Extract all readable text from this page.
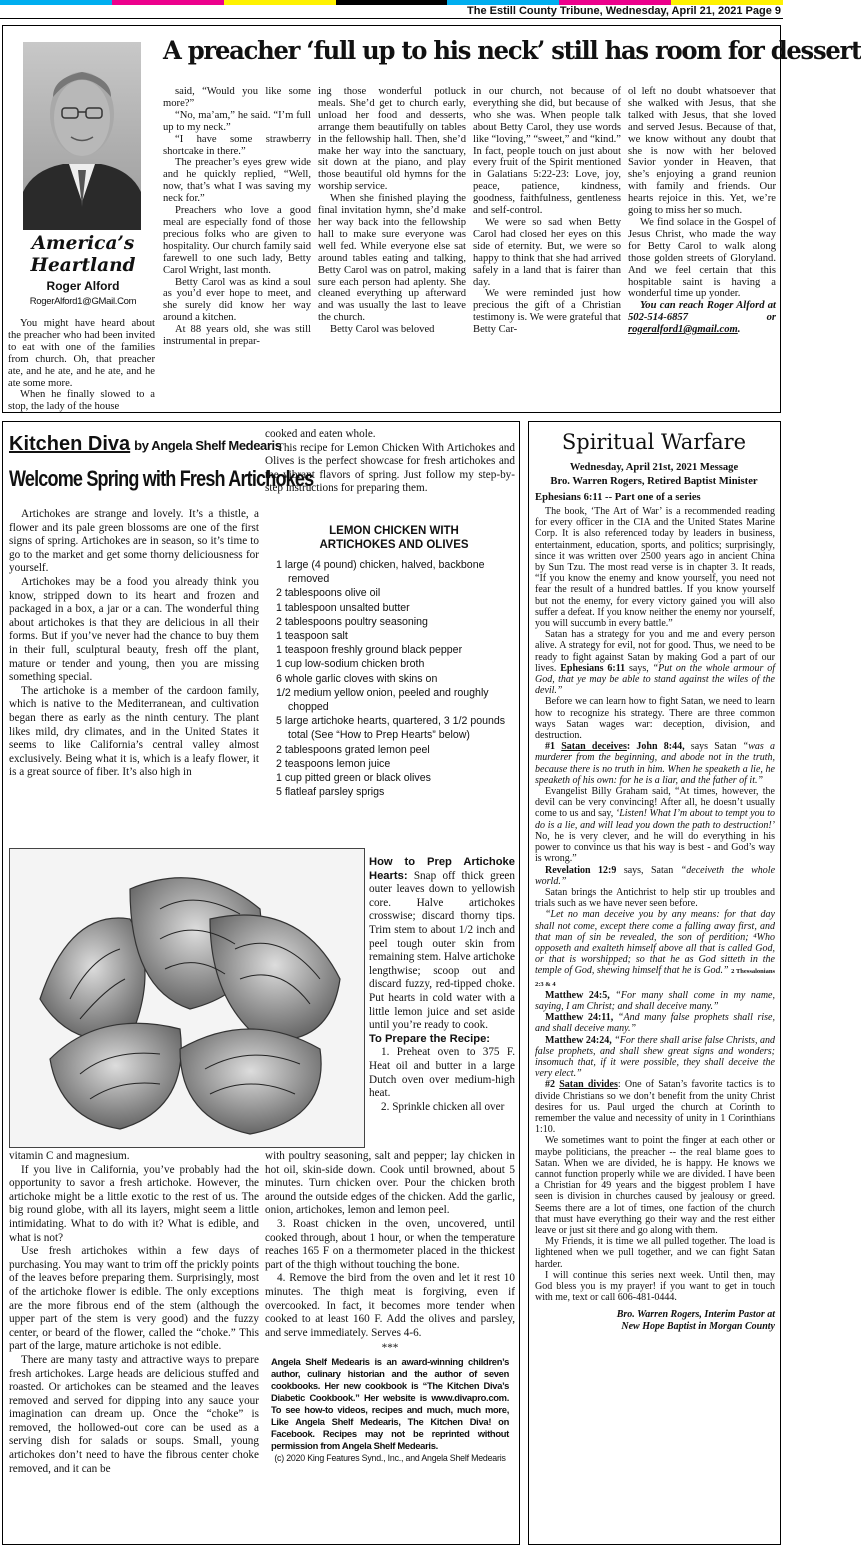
The Estill County Tribune, Wednesday, April 21, 2021 Page 9
A preacher ‘full up to his neck’ still has room for dessert
America’s Heartland
Roger Alford
RogerAlford1@GMail.Com

You might have heard about the preacher who had been invited to eat with one of the families from church. Oh, that preacher ate, and he ate, and he ate, and he ate some more.

When he finally slowed to a stop, the lady of the house

said, “Would you like some more?”

“No, ma’am,” he said. “I’m full up to my neck.”

“I have some strawberry shortcake in there.”

The preacher’s eyes grew wide and he quickly replied, “Well, now, that’s what I was saving my neck for.”

Preachers who love a good meal are especially fond of those precious folks who are given to hospitality. Our church family said farewell to one such lady, Betty Carol Wright, last month.

Betty Carol was as kind a soul as you’d ever hope to meet, and she surely did know her way around a kitchen.

At 88 years old, she was still instrumental in prepar-

ing those wonderful potluck meals. She’d get to church early, unload her food and desserts, arrange them beautifully on tables in the fellowship hall. Then, she’d make her way into the sanctuary, sit down at the piano, and play those beautiful old hymns for the worship service.

When she finished playing the final invitation hymn, she’d make her way back into the fellowship hall to make sure everyone was well fed. While everyone else sat around tables eating and talking, Betty Carol was on patrol, making sure each person had aplenty. She cleaned everything up afterward and was usually the last to leave the church.

Betty Carol was beloved

in our church, not because of everything she did, but because of who she was. When people talk about Betty Carol, they use words like “loving,” “sweet,” and “kind.” In fact, people touch on just about every fruit of the Spirit mentioned in Galatians 5:22-23: Love, joy, peace, patience, kindness, goodness, faithfulness, gentleness and self-control.

We were so sad when Betty Carol had closed her eyes on this side of eternity. But, we were so happy to think that she had arrived safely in a land that is fairer than day.

We were reminded just how precious the gift of a Christian testimony is. We were grateful that Betty Car-

ol left no doubt whatsoever that she walked with Jesus, that she talked with Jesus, that she loved and served Jesus. Because of that, we know without any doubt that she is now with her beloved Savior yonder in Heaven, that she’s enjoying a grand reunion with family and friends. Our hearts rejoice in this. Yet, we’re going to miss her so much.

We find solace in the Gospel of Jesus Christ, who made the way for Betty Carol to walk along those golden streets of Gloryland. And we feel certain that this hospitable saint is having a wonderful time up yonder.

You can reach Roger Alford at 502-514-6857 or rogeralford1@gmail.com.

Kitchen Diva by Angela Shelf Medearis
Welcome Spring with Fresh Artichokes

Artichokes are strange and lovely. It’s a thistle, a flower and its pale green blossoms are one of the first signs of spring. Artichokes are in season, so it’s time to go to the market and get some thorny deliciousness for yourself.

Artichokes may be a food you already think you know, stripped down to its heart and frozen and packaged in a box, a jar or a can. The wonderful thing about artichokes is that they are delicious in all their forms. But if you’ve never had the chance to buy them in their full, sculptural beauty, fresh off the plant, mature or tender and young, then you are missing something special.

The artichoke is a member of the cardoon family, which is native to the Mediterranean, and cultivation began there as early as the ninth century. The plant likes mild, dry climates, and in the United States it seems to like California’s central valley almost exclusively. Being what it is, which is a leafy flower, it is a great source of fiber. It’s also high in

cooked and eaten whole.

This recipe for Lemon Chicken With Artichokes and Olives is the perfect showcase for fresh artichokes and the vibrant flavors of spring. Just follow my step-by-step instructions for preparing them.

LEMON CHICKEN WITH ARTICHOKES AND OLIVES
1 large (4 pound) chicken, halved, backbone removed
2 tablespoons olive oil
1 tablespoon unsalted butter
2 tablespoons poultry seasoning
1 teaspoon salt
1 teaspoon freshly ground black pepper
1 cup low-sodium chicken broth
6 whole garlic cloves with skins on
1/2 medium yellow onion, peeled and roughly chopped
5 large artichoke hearts, quartered, 3 1/2 pounds total (See “How to Prep Hearts” below)
2 tablespoons grated lemon peel
2 teaspoons lemon juice
1 cup pitted green or black olives
5 flatleaf parsley sprigs
How to Prep Artichoke Hearts: Snap off thick green outer leaves down to yellowish core. Halve artichokes crosswise; discard thorny tips. Trim stem to about 1/2 inch and peel tough outer skin from remaining stem. Halve artichoke lengthwise; scoop out and discard fuzzy, red-tipped choke. Put hearts in cold water with a little lemon juice and set aside until you’re ready to cook.
To Prepare the Recipe:

1. Preheat oven to 375 F. Heat oil and butter in a large Dutch oven over medium-high heat.

2. Sprinkle chicken all over

vitamin C and magnesium.

If you live in California, you’ve probably had the opportunity to savor a fresh artichoke. However, the artichoke might be a little exotic to the rest of us. The big round globe, with all its layers, might seem a little intimidating. What to do with it? What is edible, and what is not?

Use fresh artichokes within a few days of purchasing. You may want to trim off the prickly points of the leaves before preparing them. Surprisingly, most of the artichoke flower is edible. The only exceptions are the more fibrous end of the stem (although the upper part of the stem is very good) and the fuzzy center, or beard of the flower, called the “choke.” This part of the large, mature artichoke is not edible.

There are many tasty and attractive ways to prepare fresh artichokes. Large heads are delicious stuffed and roasted. Or artichokes can be steamed and the leaves removed and served for dipping into any sauce your imagination can dream up. Once the “choke” is removed, the hollowed-out core can be used as a serving dish for salads or soups. Small, young artichokes don’t need to have the fibrous center choke removed, and it can be

with poultry seasoning, salt and pepper; lay chicken in hot oil, skin-side down. Cook until browned, about 5 minutes. Turn chicken over. Pour the chicken broth around the outside edges of the chicken. Add the garlic, onion, artichokes, lemon and lemon peel.

3. Roast chicken in the oven, uncovered, until cooked through, about 1 hour, or when the temperature reaches 165 F on a thermometer placed in the thickest part of the thigh without touching the bone.

4. Remove the bird from the oven and let it rest 10 minutes. The thigh meat is forgiving, even if overcooked. In fact, it becomes more tender when cooked to at least 160 F. Add the olives and parsley, and serve immediately. Serves 4-6.

***
Angela Shelf Medearis is an award-winning children’s author, culinary historian and the author of seven cookbooks. Her new cookbook is “The Kitchen Diva’s Diabetic Cookbook.” Her website is www.divapro.com. To see how-to videos, recipes and much, much more, Like Angela Shelf Medearis, The Kitchen Diva! on Facebook. Recipes may not be reprinted without permission from Angela Shelf Medearis.
(c) 2020 King Features Synd., Inc., and Angela Shelf Medearis
Spiritual Warfare
Wednesday, April 21st, 2021 Message
Bro. Warren Rogers, Retired Baptist Minister
Ephesians 6:11 -- Part one of a series

The book, ‘The Art of War’ is a recommended reading for every officer in the CIA and the United States Marine Corp. It is also referenced today by leaders in business, entertainment, education, sports, and politics; surprisingly, since it was written over 2500 years ago in ancient China by Sun Tzu. The most read verse is in chapter 3. It reads, “If you know the enemy and know yourself, you need not fear the result of a hundred battles. If you know yourself but not the enemy, for every victory gained you will also suffer a defeat. If you know neither the enemy nor yourself, you will succumb in every battle.”

Satan has a strategy for you and me and every person alive. A strategy for evil, not for good. Thus, we need to be ready to fight against Satan by making God a part of our lives. Ephesians 6:11 says, “Put on the whole armour of God, that ye may be able to stand against the wiles of the devil.”

Before we can learn how to fight Satan, we need to learn how to recognize his strategy. There are three common ways Satan wages war: deception, division, and destruction.

#1 Satan deceives: John 8:44, says Satan “was a murderer from the beginning, and abode not in the truth, because there is no truth in him. When he speaketh a lie, he speaketh of his own: for he is a liar, and the father of it.”

Evangelist Billy Graham said, “At times, however, the devil can be very convincing! After all, he doesn’t usually come to us and say, ‘Listen! What I’m about to tempt you to do is a lie, and will lead you down the path to destruction!’ No, he is very clever, and he will do everything in his power to convince us that his way is best - and God’s way is wrong.”

Revelation 12:9 says, Satan “deceiveth the whole world.”

Satan brings the Antichrist to help stir up troubles and trials such as we have never seen before.

“Let no man deceive you by any means: for that day shall not come, except there come a falling away first, and that man of sin be revealed, the son of perdition; ⁴Who opposeth and exalteth himself above all that is called God, or that is worshipped; so that he as God sitteth in the temple of God, shewing himself that he is God.” 2 Thessalonians 2:3 & 4

Matthew 24:5, “For many shall come in my name, saying, I am Christ; and shall deceive many.”

Matthew 24:11, “And many false prophets shall rise, and shall deceive many.”

Matthew 24:24, “For there shall arise false Christs, and false prophets, and shall shew great signs and wonders; insomuch that, if it were possible, they shall deceive the very elect.”

#2 Satan divides: One of Satan’s favorite tactics is to divide Christians so we don’t benefit from the unity Christ desires for us. Paul urged the church at Corinth to remember the value and necessity of unity in 1 Corinthians 1:10.

We sometimes want to point the finger at each other or maybe politicians, the preacher -- the real blame goes to Satan. When we are divided, he is happy. He knows we cannot function properly while we are divided. I have been a Christian for 49 years and the biggest problem I have seen is division in churches caused by jealousy or greed. Seems there are a lot of times, one faction of the church that must have everything go their way and the rest either leave or just sit there and go along with them.

My Friends, it is time we all pulled together. The load is lightened when we pull together, and we can fight Satan harder.

I will continue this series next week. Until then, may God bless you is my prayer! if you want to get in touch with me, text or call 606-481-0444.

Bro. Warren Rogers, Interim Pastor at
New Hope Baptist in Morgan County
